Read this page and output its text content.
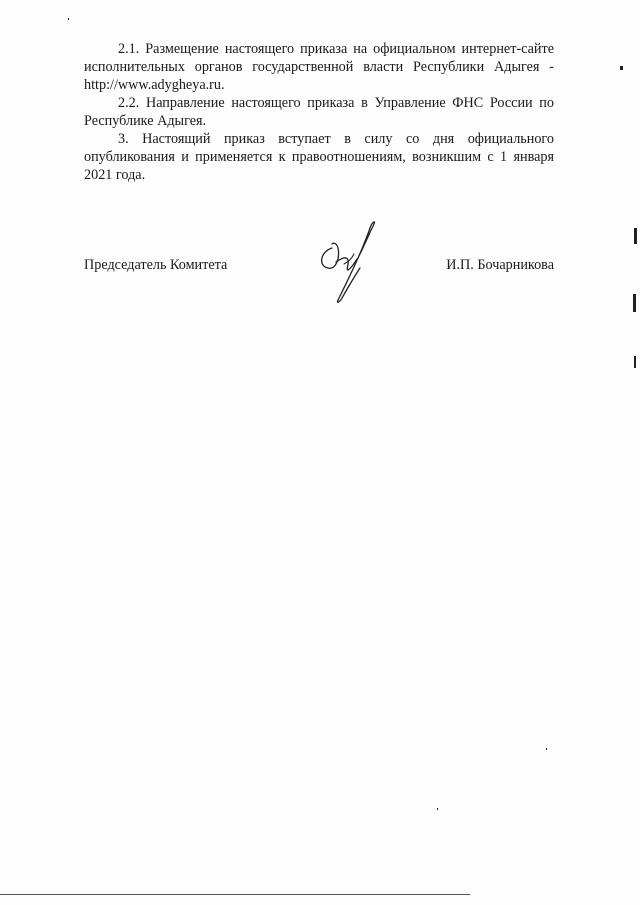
2.1. Размещение настоящего приказа на официальном интернет-сайте исполнительных органов государственной власти Республики Адыгея - http://www.adygheya.ru.

2.2. Направление настоящего приказа в Управление ФНС России по Республике Адыгея.

3. Настоящий приказ вступает в силу со дня официального опубликования и применяется к правоотношениям, возникшим с 1 января 2021 года.

Председатель Комитета	И.П. Бочарникова
